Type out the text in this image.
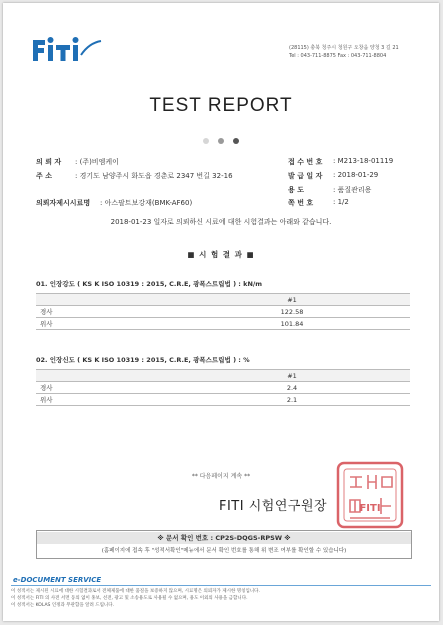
(28115) 충북 청주시 청원구 오창읍 양청 3 길 21
Tel : 043-711-8875 Fax : 043-711-8804
TEST REPORT

의 뢰 자 : (주)비엠케이
주 소	: 경기도 남양주시 화도읍 경춘로 2347 번길 32-16
의뢰자제시시료명 : 아스팔트보강재(BMK-AF60)
접 수 번 호 : M213-18-01119
발 급 일 자 : 2018-01-29
용 도	: 품질관리용
쪽 번 호	: 1/2
2018-01-23 일자로 의뢰하신 시료에 대한 시험결과는 아래와 같습니다.
■ 시 험 결 과 ■
01. 인장강도 ( KS K ISO 10319 : 2015, C.R.E, 광폭스트립법 ) : kN/m
	#1
경사	122.58
위사	101.84
02. 인장신도 ( KS K ISO 10319 : 2015, C.R.E, 광폭스트립법 ) : %
	#1
경사	2.4
위사	2.1
** 다음페이지 계속 **
FITI
FITI 시험연구원장
※ 문서 확인 번호 : CP2S-DQGS-RPSW ※
(홈페이지에 접속 후 "성적서확인"메뉴에서 문서 확인 번호를 통해 위 변조 여부를 확인할 수 있습니다)
e-DOCUMENT SERVICE
이 성적서는 제시된 시료에 대한 시험결과로서 전체제품에 대한 품질을 보증하지 않으며, 시료명은 의뢰자가 제시한 명칭입니다.
이 성적서는 FITI 의 사전 서면 동의 없이 홍보, 선전, 광고 및 소송용도로 사용될 수 없으며, 용도 이외의 사용을 금합니다.
이 성적서는 KOLAS 인정과 무관함을 알려 드립니다.
